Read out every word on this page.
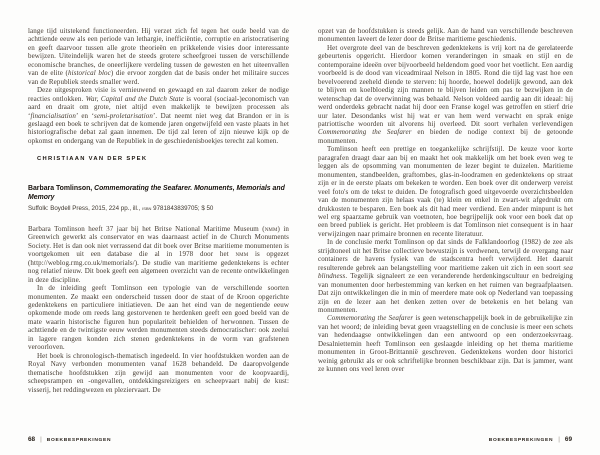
lange tijd uitstekend functioneerden. Hij verzet zich fel tegen het oude beeld van de achttiende eeuw als een periode van lethargie, inefficiëntie, corruptie en aristocratisering en geeft daarvoor tussen alle grote theorieën en prikkelende visies door interessante bewijzen. Uiteindelijk waren het de steeds grotere scheefgroei tussen de verschillende economische branches, de oneerlijkere verdeling tussen de gewesten en het uiteenvallen van de elite (historical bloc) die ervoor zorgden dat de basis onder het militaire succes van de Republiek steeds smaller werd.

Deze uitgesproken visie is vernieuwend en gewaagd en zal daarom zeker de nodige reacties ontlokken. War, Capital and the Dutch State is vooral (sociaal-)economisch van aard en draait om grote, niet altijd even makkelijk te bewijzen processen als ‘financialisation’ en ‘semi-proletarisation’. Dat neemt niet weg dat Brandon er in is geslaagd een boek te schrijven dat de komende jaren ongetwijfeld een vaste plaats in het historiografische debat zal gaan innemen. De tijd zal leren of zijn nieuwe kijk op de opkomst en ondergang van de Republiek in de geschiedenisboekjes terecht zal komen.

CHRISTIAAN VAN DER SPEK
Barbara Tomlinson, Commemorating the Seafarer. Monuments, Memorials and Memory
Suffolk: Boydell Press, 2015, 224 pp., ill., isbn 9781843839705; $ 50

Barbara Tomlinson heeft 37 jaar bij het Britse National Maritime Museum (nmm) in Greenwich gewerkt als conservator en was daarnaast actief in de Church Monuments Society. Het is dan ook niet verrassend dat dit boek over Britse maritieme monumenten is voortgekomen uit een database die al in 1978 door het nmm is opgezet (http://weblog.rmg.co.uk/memorials/). De studie van maritieme gedenktekens is echter nog relatief nieuw. Dit boek geeft een algemeen overzicht van de recente ontwikkelingen in deze discipline.

In de inleiding geeft Tomlinson een typologie van de verschillende soorten monumenten. Ze maakt een onderscheid tussen door de staat of de Kroon opgerichte gedenktekens en particuliere initiatieven. De aan het eind van de negentiende eeuw opkomende mode om reeds lang gestorvenen te herdenken geeft een goed beeld van de mate waarin historische figuren hun populariteit behielden of herwonnen. Tussen de achttiende en de twintigste eeuw werden monumenten steeds democratischer: ook zeelui in lagere rangen konden zich stenen gedenktekens in de vorm van grafstenen veroorloven.

Het boek is chronologisch-thematisch ingedeeld. In vier hoofdstukken worden aan de Royal Navy verbonden monumenten vanaf 1628 behandeld. De daaropvolgende thematische hoofdstukken zijn gewijd aan monumenten voor de koopvaardij, scheepsrampen en -ongevallen, ontdekkingsreizigers en scheepvaart nabij de kust: visserij, het reddingwezen en pleziervaart. De

68 | BOEKBESPREKINGEN

opzet van de hoofdstukken is steeds gelijk. Aan de hand van verschillende beschreven monumenten laveert de lezer door de Britse maritieme geschiedenis.

Het overgrote deel van de beschreven gedenktekens is vrij kort na de gerelateerde gebeurtenis opgericht. Hierdoor komen veranderingen in smaak en stijl en de contemporaine ideeën over bijvoorbeeld heldendom goed voor het voetlicht. Een aardig voorbeeld is de dood van viceadmiraal Nelson in 1805. Rond die tijd lag vast hoe een bevelvoerend zeeheld diende te sterven: hij hoorde, hoewel dodelijk gewond, aan dek te blijven en koelbloedig zijn mannen te blijven leiden om pas te bezwijken in de wetenschap dat de overwinning was behaald. Nelson voldeed aardig aan dit ideaal: hij werd onderdeks gebracht nadat hij door een Franse kogel was getroffen en stierf drie uur later. Desondanks wist hij wat er van hem werd verwacht en sprak enige patriottische woorden uit alvorens hij overleed. Dit soort verhalen verlevendigen Commemorating the Seafarer en bieden de nodige context bij de getoonde monumenten.

Tomlinson heeft een prettige en toegankelijke schrijfstijl. De keuze voor korte paragrafen draagt daar aan bij en maakt het ook makkelijk om het boek even weg te leggen als de opsomming van monumenten de lezer begint te duizelen. Maritieme monumenten, standbeelden, graftombes, glas-in-loodramen en gedenktekens op straat zijn er in de eerste plaats om bekeken te worden. Een boek over dit onderwerp vereist veel foto's om de tekst te duiden. De fotografisch goed uitgevoerde overzichtsbeelden van de monumenten zijn helaas vaak (te) klein en enkel in zwart-wit afgedrukt om drukkosten te besparen. Een boek als dit had meer verdiend. Een ander minpunt is het wel erg spaarzame gebruik van voetnoten, hoe begrijpelijk ook voor een boek dat op een breed publiek is gericht. Het probleem is dat Tomlinson niet consequent is in haar verwijzingen naar primaire bronnen en recente literatuur.

In de conclusie merkt Tomlinson op dat sinds de Falklandoorlog (1982) de zee als strijdtoneel uit het Britse collectieve bewustzijn is verdwenen, terwijl de overgang naar containers de havens fysiek van de stadscentra heeft verwijderd. Het daaruit resulterende gebrek aan belangstelling voor maritieme zaken uit zich in een soort sea blindness. Tegelijk signaleert ze een veranderende herdenkingscultuur en bedreiging van monumenten door herbestemming van kerken en het ruimen van begraafplaatsen. Dat zijn ontwikkelingen die in min of meerdere mate ook op Nederland van toepassing zijn en de lezer aan het denken zetten over de betekenis en het belang van monumenten.

Commemorating the Seafarer is geen wetenschappelijk boek in de gebruikelijke zin van het woord; de inleiding bevat geen vraagstelling en de conclusie is meer een schets van hedendaagse ontwikkelingen dan een antwoord op een onderzoeksvraag. Desalniettemin heeft Tomlinson een geslaagde inleiding op het thema maritieme monumenten in Groot-Brittannië geschreven. Gedenktekens worden door historici weinig gebruikt als er ook schriftelijke bronnen beschikbaar zijn. Dat is jammer, want ze kunnen ons veel leren over

BOEKBESPREKINGEN | 69
